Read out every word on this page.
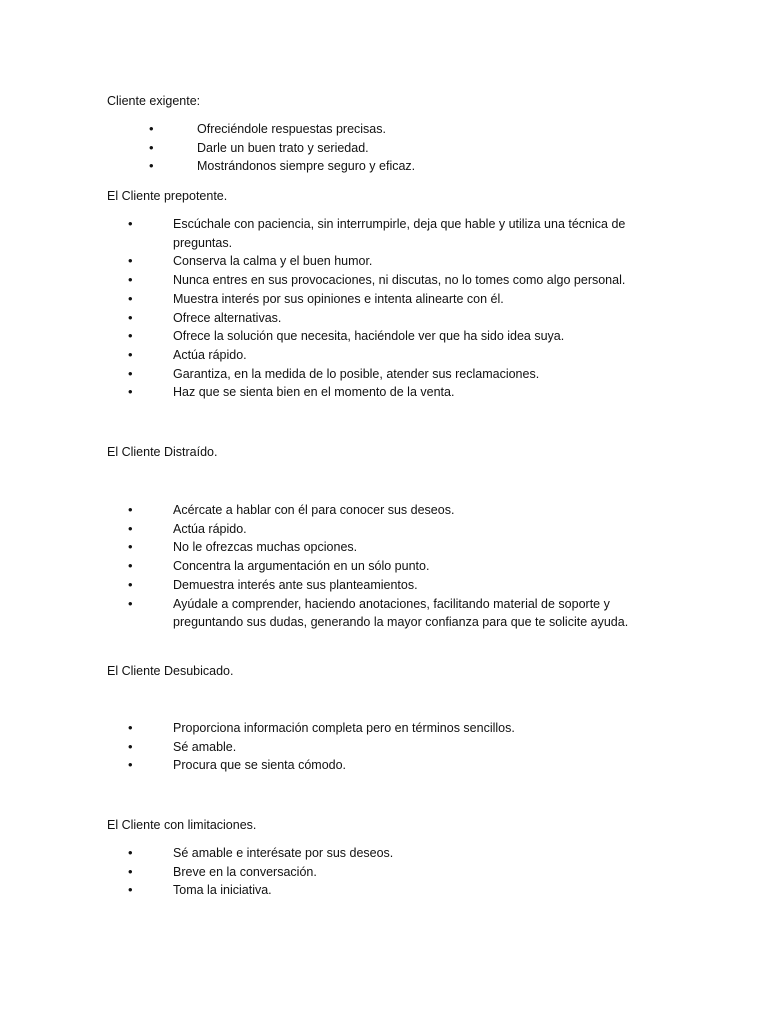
Cliente exigente:
•	Ofreciéndole respuestas precisas.
•	Darle un buen trato y seriedad.
•	Mostrándonos siempre seguro y eficaz.
El Cliente prepotente.
•	Escúchale con paciencia, sin interrumpirle, deja que hable y utiliza una técnica de preguntas.
•	Conserva la calma y el buen humor.
•	Nunca entres en sus provocaciones, ni discutas, no lo tomes como algo personal.
•	Muestra interés por sus opiniones e intenta alinearte con él.
•	Ofrece alternativas.
•	Ofrece la solución que necesita, haciéndole ver que ha sido idea suya.
•	Actúa rápido.
•	Garantiza, en la medida de lo posible, atender sus reclamaciones.
•	Haz que se sienta bien en el momento de la venta.
El Cliente Distraído.
•	Acércate a hablar con él para conocer sus deseos.
•	Actúa rápido.
•	No le ofrezcas muchas opciones.
•	Concentra la argumentación en un sólo punto.
•	Demuestra interés ante sus planteamientos.
•	Ayúdale a comprender, haciendo anotaciones, facilitando material de soporte y preguntando sus dudas, generando la mayor confianza para que te solicite ayuda.
El Cliente Desubicado.
•	Proporciona información completa pero en términos sencillos.
•	Sé amable.
•	Procura que se sienta cómodo.
El Cliente con limitaciones.
•	Sé amable e interésate por sus deseos.
•	Breve en la conversación.
•	Toma la iniciativa.
